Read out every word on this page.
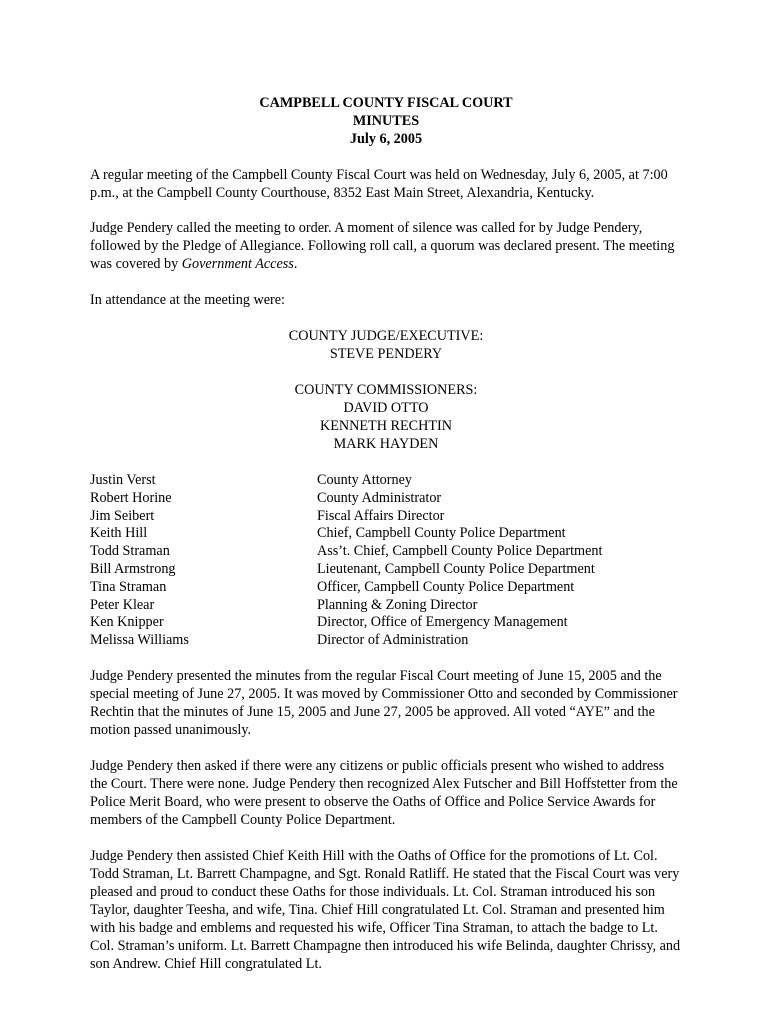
CAMPBELL COUNTY FISCAL COURT
MINUTES
July 6, 2005

A regular meeting of the Campbell County Fiscal Court was held on Wednesday, July 6, 2005, at 7:00 p.m., at the Campbell County Courthouse, 8352 East Main Street, Alexandria, Kentucky.

Judge Pendery called the meeting to order. A moment of silence was called for by Judge Pendery, followed by the Pledge of Allegiance. Following roll call, a quorum was declared present. The meeting was covered by Government Access.

In attendance at the meeting were:

COUNTY JUDGE/EXECUTIVE:
STEVE PENDERY
COUNTY COMMISSIONERS:
DAVID OTTO
KENNETH RECHTIN
MARK HAYDEN
Justin Verst	County Attorney
Robert Horine	County Administrator
Jim Seibert	Fiscal Affairs Director
Keith Hill	Chief, Campbell County Police Department
Todd Straman	Ass’t. Chief, Campbell County Police Department
Bill Armstrong	Lieutenant, Campbell County Police Department
Tina Straman	Officer, Campbell County Police Department
Peter Klear	Planning & Zoning Director
Ken Knipper	Director, Office of Emergency Management
Melissa Williams	Director of Administration

Judge Pendery presented the minutes from the regular Fiscal Court meeting of June 15, 2005 and the special meeting of June 27, 2005. It was moved by Commissioner Otto and seconded by Commissioner Rechtin that the minutes of June 15, 2005 and June 27, 2005 be approved. All voted “AYE” and the motion passed unanimously.

Judge Pendery then asked if there were any citizens or public officials present who wished to address the Court. There were none. Judge Pendery then recognized Alex Futscher and Bill Hoffstetter from the Police Merit Board, who were present to observe the Oaths of Office and Police Service Awards for members of the Campbell County Police Department.

Judge Pendery then assisted Chief Keith Hill with the Oaths of Office for the promotions of Lt. Col. Todd Straman, Lt. Barrett Champagne, and Sgt. Ronald Ratliff. He stated that the Fiscal Court was very pleased and proud to conduct these Oaths for those individuals. Lt. Col. Straman introduced his son Taylor, daughter Teesha, and wife, Tina. Chief Hill congratulated Lt. Col. Straman and presented him with his badge and emblems and requested his wife, Officer Tina Straman, to attach the badge to Lt. Col. Straman’s uniform. Lt. Barrett Champagne then introduced his wife Belinda, daughter Chrissy, and son Andrew. Chief Hill congratulated Lt.
